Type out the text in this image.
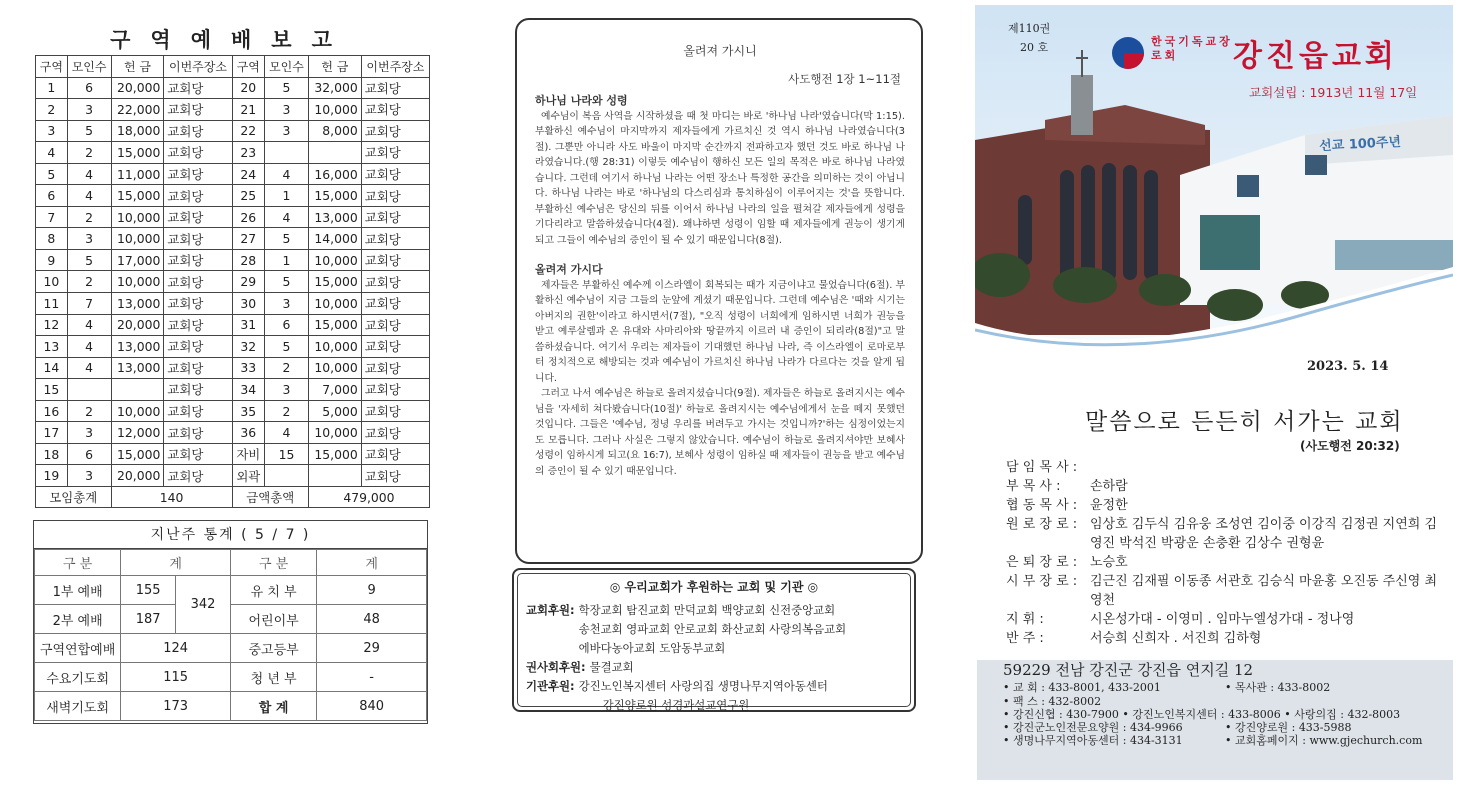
구역예배보고
구역	모인수	헌 금	이번주장소	구역	모인수	헌 금	이번주장소
1	6	20,000	교회당	20	5	32,000	교회당
2	3	22,000	교회당	21	3	10,000	교회당
3	5	18,000	교회당	22	3	8,000	교회당
4	2	15,000	교회당	23			교회당
5	4	11,000	교회당	24	4	16,000	교회당
6	4	15,000	교회당	25	1	15,000	교회당
7	2	10,000	교회당	26	4	13,000	교회당
8	3	10,000	교회당	27	5	14,000	교회당
9	5	17,000	교회당	28	1	10,000	교회당
10	2	10,000	교회당	29	5	15,000	교회당
11	7	13,000	교회당	30	3	10,000	교회당
12	4	20,000	교회당	31	6	15,000	교회당
13	4	13,000	교회당	32	5	10,000	교회당
14	4	13,000	교회당	33	2	10,000	교회당
15			교회당	34	3	7,000	교회당
16	2	10,000	교회당	35	2	5,000	교회당
17	3	12,000	교회당	36	4	10,000	교회당
18	6	15,000	교회당	자비	15	15,000	교회당
19	3	20,000	교회당	외곽			교회당
모임총계		140		금액총액		479,000	
지난주 통계 ( 5 / 7 )
구 분	계		구 분	계
1부 예배	155	342	유 치 부	9
2부 예배	187		어린이부	48
구역연합예배	124		중고등부	29
수요기도회	115		청 년 부	-
새벽기도회	173		합 계	840
올려져 가시니
사도행전 1장 1~11절
하나님 나라와 성령

예수님이 복음 사역을 시작하셨을 때 첫 마디는 바로 '하나님 나라'였습니다(막 1:15). 부활하신 예수님이 마지막까지 제자들에게 가르치신 것 역시 하나님 나라였습니다(3절). 그뿐만 아니라 사도 바울이 마지막 순간까지 전파하고자 했던 것도 바로 하나님 나라였습니다.(행 28:31) 이렇듯 예수님이 행하신 모든 일의 목적은 바로 하나님 나라였습니다. 그런데 여기서 하나님 나라는 어떤 장소나 특정한 공간을 의미하는 것이 아닙니다. 하나님 나라는 바로 '하나님의 다스리심과 통치하심이 이루어지는 것'을 뜻합니다. 부활하신 예수님은 당신의 뒤를 이어서 하나님 나라의 일을 펼쳐갈 제자들에게 성령을 기다리라고 말씀하셨습니다(4절). 왜냐하면 성령이 임할 때 제자들에게 권능이 생기게 되고 그들이 예수님의 증인이 될 수 있기 때문입니다(8절).

올려져 가시다

제자들은 부활하신 예수께 이스라엘이 회복되는 때가 지금이냐고 물었습니다(6절). 부활하신 예수님이 지금 그들의 눈앞에 계셨기 때문입니다. 그런데 예수님은 '때와 시기는 아버지의 권한'이라고 하시면서(7절), "오직 성령이 너희에게 임하시면 너희가 권능을 받고 예루살렘과 온 유대와 사마리아와 땅끝까지 이르러 내 증인이 되리라(8절)"고 말씀하셨습니다. 여기서 우리는 제자들이 기대했던 하나님 나라, 즉 이스라엘이 로마로부터 정치적으로 해방되는 것과 예수님이 가르치신 하나님 나라가 다르다는 것을 알게 됩니다.

그러고 나서 예수님은 하늘로 올려지셨습니다(9절). 제자들은 하늘로 올려지시는 예수님을 '자세히 쳐다봤습니다(10절)' 하늘로 올려지시는 예수님에게서 눈을 떼지 못했던 것입니다. 그들은 '예수님, 정녕 우리를 버려두고 가시는 것입니까?'하는 심정이었는지도 모릅니다. 그러나 사실은 그렇지 않았습니다. 예수님이 하늘로 올려지셔야만 보혜사 성령이 임하시게 되고(요 16:7), 보혜사 성령이 임하실 때 제자들이 권능을 받고 예수님의 증인이 될 수 있기 때문입니다.

◎ 우리교회가 후원하는 교회 및 기관 ◎
교회후원: 학장교회 탐진교회 만덕교회 백양교회 신전중앙교회
송천교회 영파교회 안로교회 화산교회 사랑의복음교회
에바다농아교회 도암동부교회
권사회후원: 물결교회
기관후원: 강진노인복지센터 사랑의집 생명나무지역아동센터
강진양로원 성경과설교연구원
제110권
20 호	한국기독교장로회	강진읍교회
교회설립 : 1913년 11월 17일
선교 100주년
2023. 5. 14
말씀으로 든든히 서가는 교회
(사도행전 20:32)
담 임 목 사 :
부 목 사 :	손하람
협 동 목 사 : 윤정한
원 로 장 로 : 임상호 김두식 김유웅 조성연 김이중 이강직 김정권 지연희 김영진 박석진 박광운 손충환 김상수 권형윤
은 퇴 장 로 : 노승호
시 무 장 로 : 김근진 김재필 이동종 서관호 김승식 마윤홍 오진동 주신영 최영천
지 휘 :	시온성가대 - 이영미 . 임마누엘성가대 - 정나영
반 주 :	서승희 신희자 . 서진희 김하형
59229 전남 강진군 강진읍 연지길 12
• 교 회 : 433-8001, 433-2001	• 목사관 : 433-8002
• 팩 스 : 432-8002
• 강진신협 : 430-7900 • 강진노인복지센터 : 433-8006 • 사랑의집 : 432-8003
• 강진군노인전문요양원 : 434-9966	• 강진양로원 : 433-5988
• 생명나무지역아동센터 : 434-3131	• 교회홈페이지 : www.gjechurch.com
